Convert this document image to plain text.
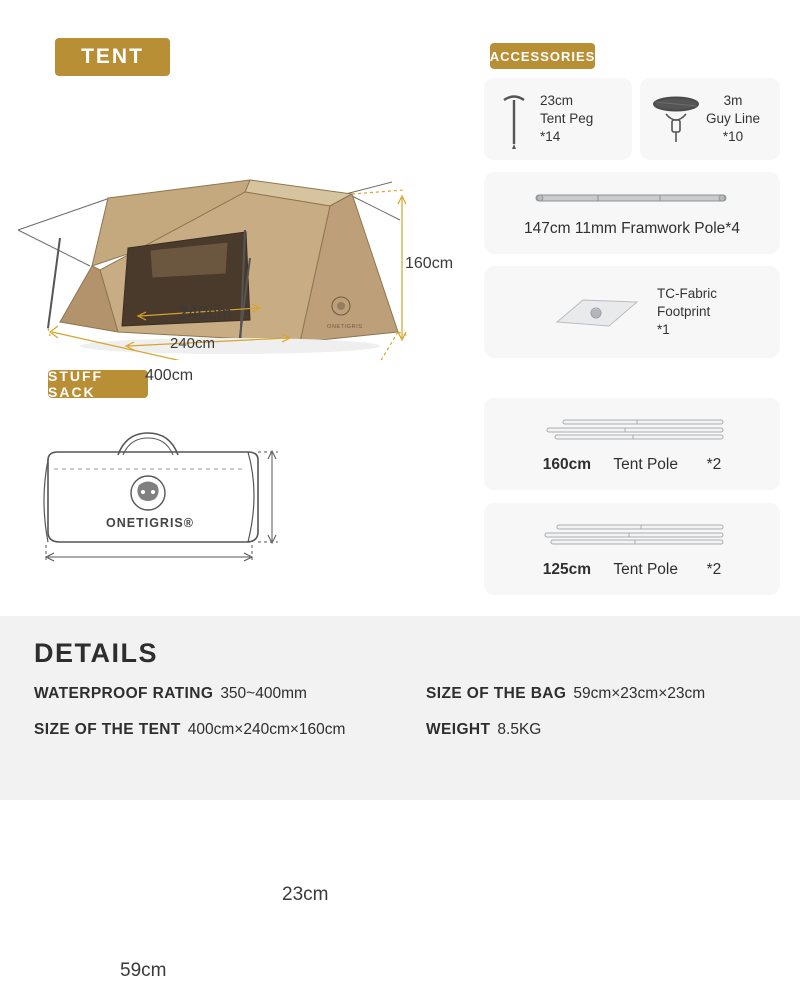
TENT
STUFF SACK
ACCESSORIES
ONETIGRIS
160cm
240cm
240cm
400cm
ONETIGRIS®
23cm
59cm
23cm
Tent Peg
*14
3m
Guy Line
*10
147cm 11mm Framwork Pole*4
TC-Fabric
Footprint
*1
160cm Tent Pole *2
125cm Tent Pole *2
DETAILS
WATERPROOF RATING 350~400mm	SIZE OF THE BAG 59cm×23cm×23cm
SIZE OF THE TENT 400cm×240cm×160cm	WEIGHT 8.5KG
